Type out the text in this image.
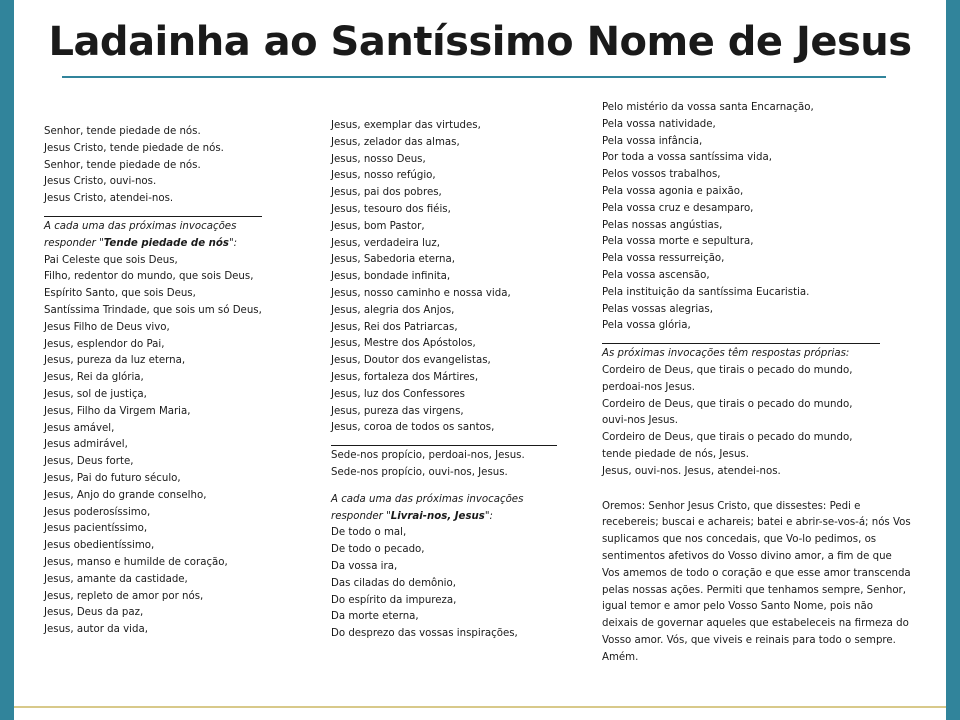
Ladainha ao Santíssimo Nome de Jesus
Senhor, tende piedade de nós.
Jesus Cristo, tende piedade de nós.
Senhor, tende piedade de nós.
Jesus Cristo, ouvi-nos.
Jesus Cristo, atendei-nos.
A cada uma das próximas invocações
responder "Tende piedade de nós":
Pai Celeste que sois Deus,
Filho, redentor do mundo, que sois Deus,
Espírito Santo, que sois Deus,
Santíssima Trindade, que sois um só Deus,
Jesus Filho de Deus vivo,
Jesus, esplendor do Pai,
Jesus, pureza da luz eterna,
Jesus, Rei da glória,
Jesus, sol de justiça,
Jesus, Filho da Virgem Maria,
Jesus amável,
Jesus admirável,
Jesus, Deus forte,
Jesus, Pai do futuro século,
Jesus, Anjo do grande conselho,
Jesus poderosíssimo,
Jesus pacientíssimo,
Jesus obedientíssimo,
Jesus, manso e humilde de coração,
Jesus, amante da castidade,
Jesus, repleto de amor por nós,
Jesus, Deus da paz,
Jesus, autor da vida,
Jesus, exemplar das virtudes,
Jesus, zelador das almas,
Jesus, nosso Deus,
Jesus, nosso refúgio,
Jesus, pai dos pobres,
Jesus, tesouro dos fiéis,
Jesus, bom Pastor,
Jesus, verdadeira luz,
Jesus, Sabedoria eterna,
Jesus, bondade infinita,
Jesus, nosso caminho e nossa vida,
Jesus, alegria dos Anjos,
Jesus, Rei dos Patriarcas,
Jesus, Mestre dos Apóstolos,
Jesus, Doutor dos evangelistas,
Jesus, fortaleza dos Mártires,
Jesus, luz dos Confessores
Jesus, pureza das virgens,
Jesus, coroa de todos os santos,
Sede-nos propício, perdoai-nos, Jesus.
Sede-nos propício, ouvi-nos, Jesus.
A cada uma das próximas invocações
responder "Livrai-nos, Jesus":
De todo o mal,
De todo o pecado,
Da vossa ira,
Das ciladas do demônio,
Do espírito da impureza,
Da morte eterna,
Do desprezo das vossas inspirações,
Pelo mistério da vossa santa Encarnação,
Pela vossa natividade,
Pela vossa infância,
Por toda a vossa santíssima vida,
Pelos vossos trabalhos,
Pela vossa agonia e paixão,
Pela vossa cruz e desamparo,
Pelas nossas angústias,
Pela vossa morte e sepultura,
Pela vossa ressurreição,
Pela vossa ascensão,
Pela instituição da santíssima Eucaristia.
Pelas vossas alegrias,
Pela vossa glória,
As próximas invocações têm respostas próprias:
Cordeiro de Deus, que tirais o pecado do mundo,
perdoai-nos Jesus.
Cordeiro de Deus, que tirais o pecado do mundo,
ouvi-nos Jesus.
Cordeiro de Deus, que tirais o pecado do mundo,
tende piedade de nós, Jesus.
Jesus, ouvi-nos. Jesus, atendei-nos.
Oremos: Senhor Jesus Cristo, que dissestes: Pedi e recebereis; buscai e achareis; batei e abrir-se-vos-á; nós Vos suplicamos que nos concedais, que Vo-lo pedimos, os sentimentos afetivos do Vosso divino amor, a fim de que Vos amemos de todo o coração e que esse amor transcenda pelas nossas ações. Permiti que tenhamos sempre, Senhor, igual temor e amor pelo Vosso Santo Nome, pois não deixais de governar aqueles que estabeleceis na firmeza do Vosso amor. Vós, que viveis e reinais para todo o sempre. Amém.
